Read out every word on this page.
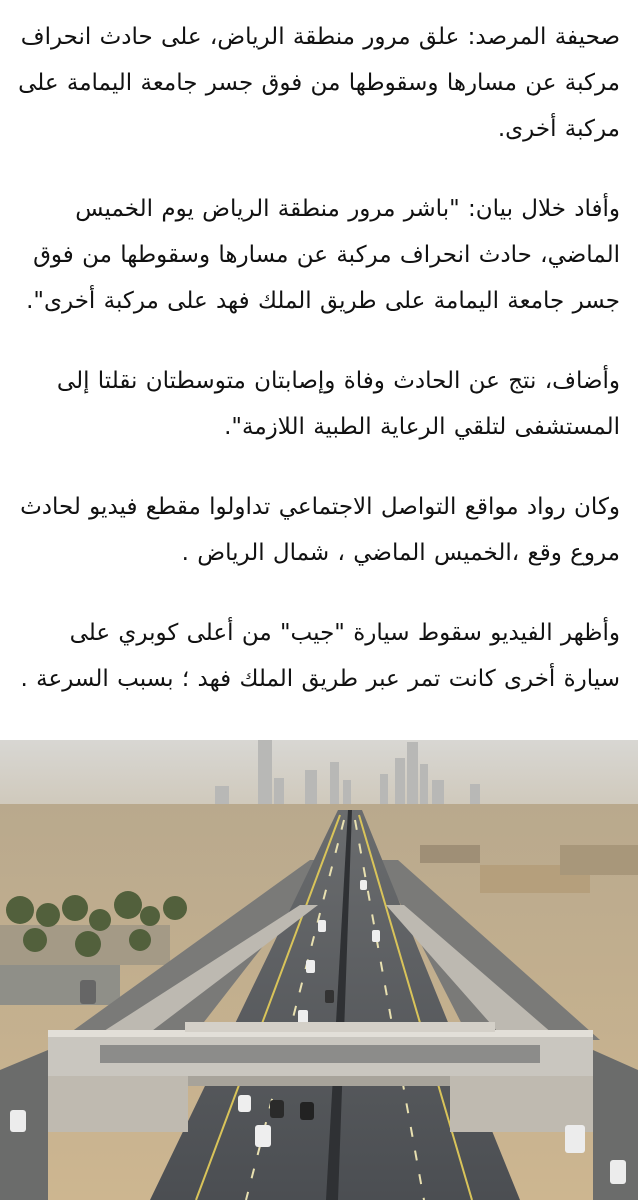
صحيفة المرصد: علق مرور منطقة الرياض، على حادث انحراف مركبة عن مسارها وسقوطها من فوق جسر جامعة اليمامة على مركبة أخرى.

وأفاد خلال بيان: "باشر مرور منطقة الرياض يوم الخميس الماضي، حادث انحراف مركبة عن مسارها وسقوطها من فوق جسر جامعة اليمامة على طريق الملك فهد على مركبة أخرى".

وأضاف، نتج عن الحادث وفاة وإصابتان متوسطتان نقلتا إلى المستشفى لتلقي الرعاية الطبية اللازمة".

وكان رواد مواقع التواصل الاجتماعي تداولوا مقطع فيديو لحادث مروع وقع ،الخميس الماضي ، شمال الرياض .

وأظهر الفيديو سقوط سيارة "جيب" من أعلى كوبري على سيارة أخرى كانت تمر عبر طريق الملك فهد ؛ بسبب السرعة .
